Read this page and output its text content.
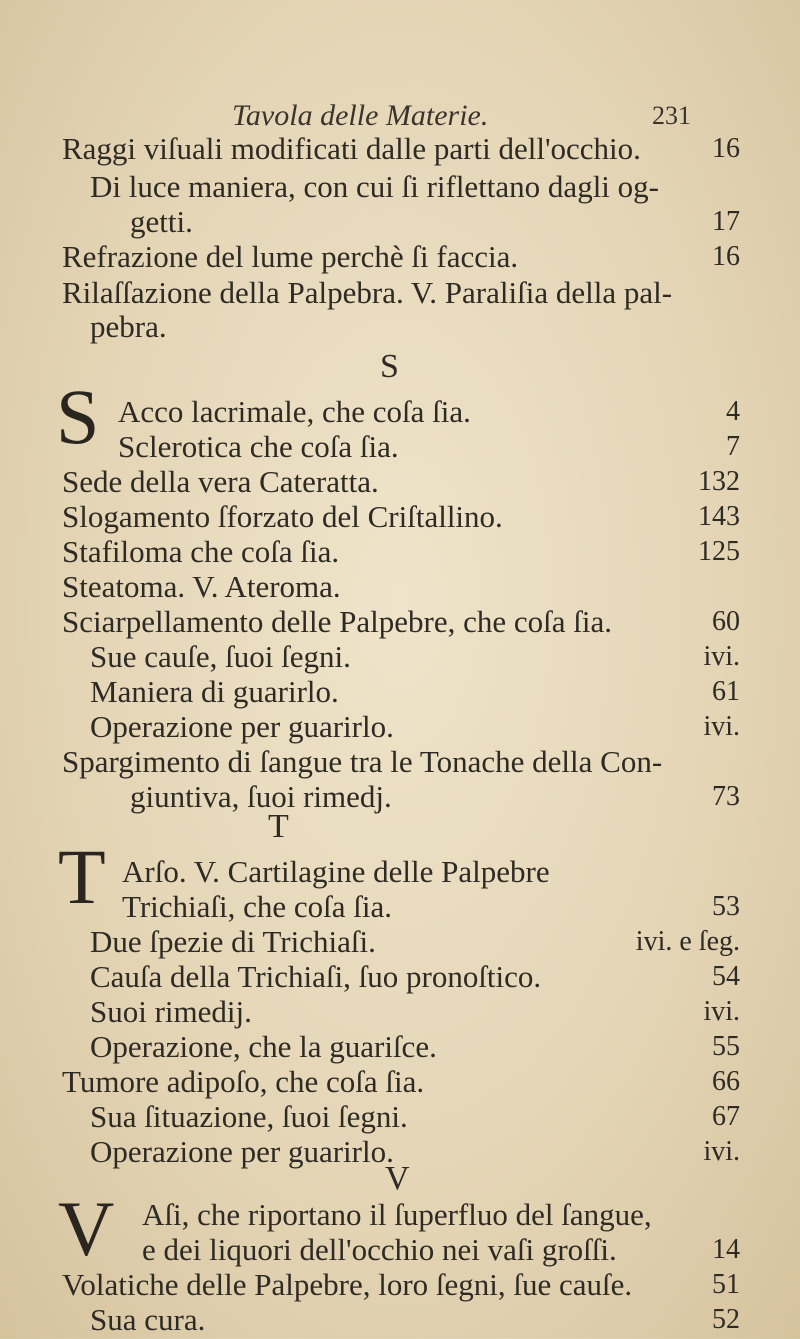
Tavola delle Materie.	231
Raggi viſuali modificati dalle parti dell'occhio.	16
Di luce maniera, con cui ſi riflettano dagli og-
getti.	17
Refrazione del lume perchè ſi faccia.	16
Rilaſſazione della Palpebra. V. Paraliſia della pal-
pebra.
S
S Acco lacrimale, che coſa ſia.	4
Sclerotica che coſa ſia.	7
Sede della vera Cateratta.	132
Slogamento ſforzato del Criſtallino.	143
Stafiloma che coſa ſia.	125
Steatoma. V. Ateroma.
Sciarpellamento delle Palpebre, che coſa ſia.	60
Sue cauſe, ſuoi ſegni.	ivi.
Maniera di guarirlo.	61
Operazione per guarirlo.	ivi.
Spargimento di ſangue tra le Tonache della Con-
giuntiva, ſuoi rimedj.	73
T
T Arſo. V. Cartilagine delle Palpebre
Trichiaſi, che coſa ſia.	53
Due ſpezie di Trichiaſi.	ivi. e ſeg.
Cauſa della Trichiaſi, ſuo pronoſtico.	54
Suoi rimedij.	ivi.
Operazione, che la guariſce.	55
Tumore adipoſo, che coſa ſia.	66
Sua ſituazione, ſuoi ſegni.	67
Operazione per guarirlo.	ivi.
V
V Aſi, che riportano il ſuperfluo del ſangue,
e dei liquori dell'occhio nei vaſi groſſi.	14
Volatiche delle Palpebre, loro ſegni, ſue cauſe.	51
Sua cura.	52
